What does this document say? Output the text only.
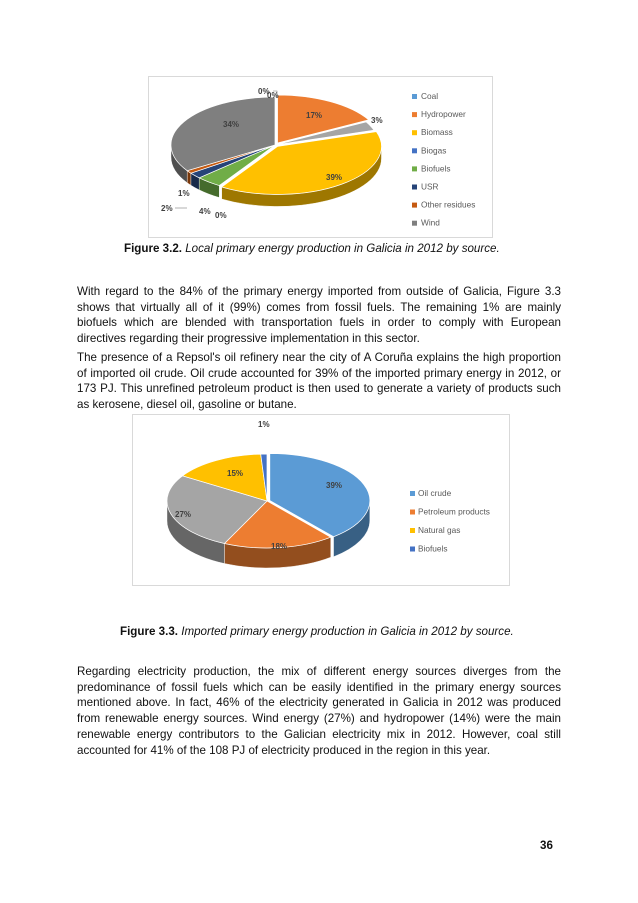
0%
17%
3%
39%
0%
4%
2%
1%
34%
0%	Coal
Hydropower
Biomass
Biogas
Biofuels
USR
Other residues
Wind
Figure 3.2. Local primary energy production in Galicia in 2012 by source.

With regard to the 84% of the primary energy imported from outside of Galicia, Figure 3.3 shows that virtually all of it (99%) comes from fossil fuels. The remaining 1% are mainly biofuels which are blended with transportation fuels in order to comply with European directives regarding their progressive implementation in this sector.

The presence of a Repsol's oil refinery near the city of A Coruña explains the high proportion of imported oil crude. Oil crude accounted for 39% of the imported primary energy in 2012, or 173 PJ. This unrefined petroleum product is then used to generate a variety of products such as kerosene, diesel oil, gasoline or butane.

39%
18%
27%
15%
1%
Oil crude
Petroleum products
Natural gas
Biofuels
Figure 3.3. Imported primary energy production in Galicia in 2012 by source.

Regarding electricity production, the mix of different energy sources diverges from the predominance of fossil fuels which can be easily identified in the primary energy sources mentioned above. In fact, 46% of the electricity generated in Galicia in 2012 was produced from renewable energy sources. Wind energy (27%) and hydropower (14%) were the main renewable energy contributors to the Galician electricity mix in 2012. However, coal still accounted for 41% of the 108 PJ of electricity produced in the region in this year.

36
